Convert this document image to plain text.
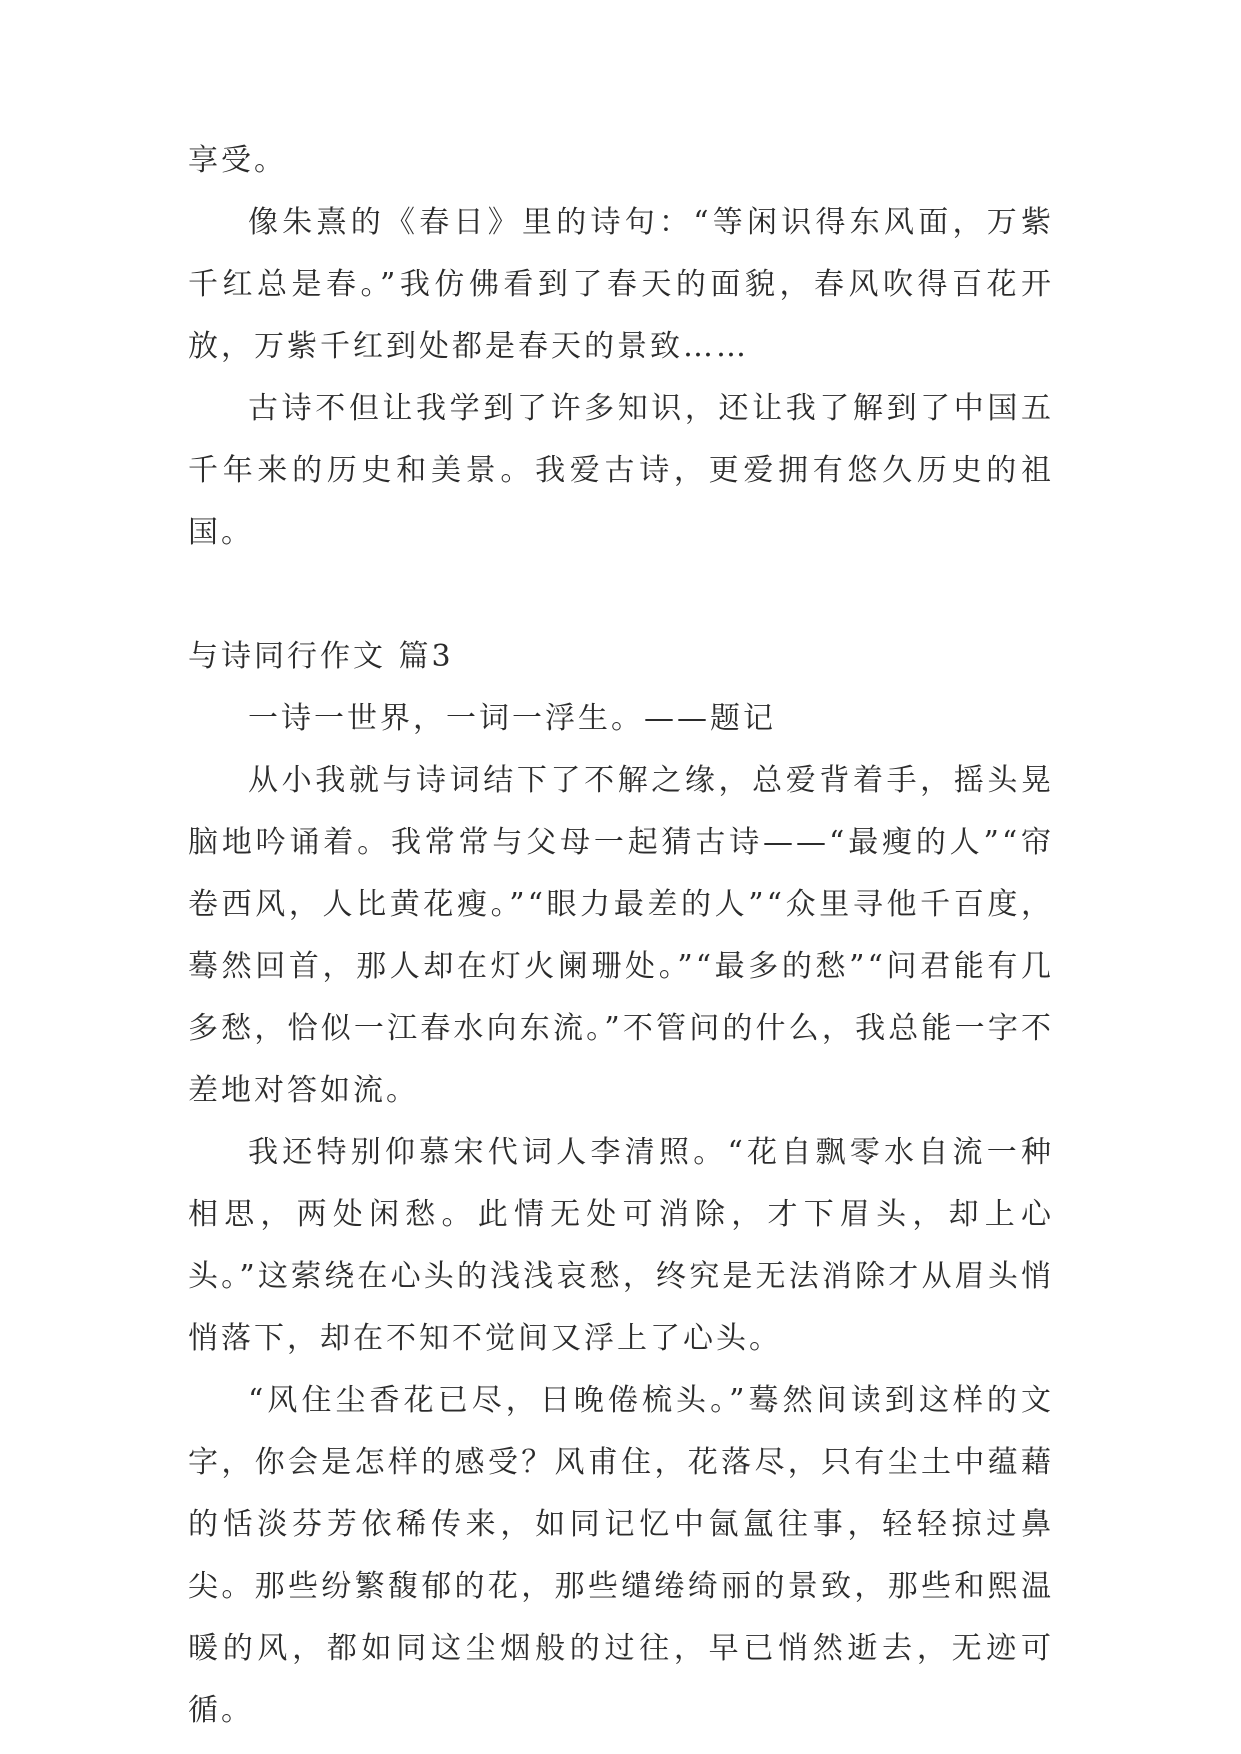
享受。

像朱熹的《春日》里的诗句：“等闲识得东风面，万紫千红总是春。”我仿佛看到了春天的面貌，春风吹得百花开放，万紫千红到处都是春天的景致……

古诗不但让我学到了许多知识，还让我了解到了中国五千年来的历史和美景。我爱古诗，更爱拥有悠久历史的祖国。

与诗同行作文 篇3

一诗一世界，一词一浮生。——题记

从小我就与诗词结下了不解之缘，总爱背着手，摇头晃脑地吟诵着。我常常与父母一起猜古诗——“最瘦的人”“帘卷西风，人比黄花瘦。”“眼力最差的人”“众里寻他千百度，蓦然回首，那人却在灯火阑珊处。”“最多的愁”“问君能有几多愁，恰似一江春水向东流。”不管问的什么，我总能一字不差地对答如流。

我还特别仰慕宋代词人李清照。“花自飘零水自流一种相思，两处闲愁。此情无处可消除，才下眉头，却上心头。”这萦绕在心头的浅浅哀愁，终究是无法消除才从眉头悄悄落下，却在不知不觉间又浮上了心头。

“风住尘香花已尽，日晚倦梳头。”蓦然间读到这样的文字，你会是怎样的感受？风甫住，花落尽，只有尘土中蕴藉的恬淡芬芳依稀传来，如同记忆中氤氲往事，轻轻掠过鼻尖。那些纷繁馥郁的花，那些缱绻绮丽的景致，那些和熙温暖的风，都如同这尘烟般的过往，早已悄然逝去，无迹可循。
